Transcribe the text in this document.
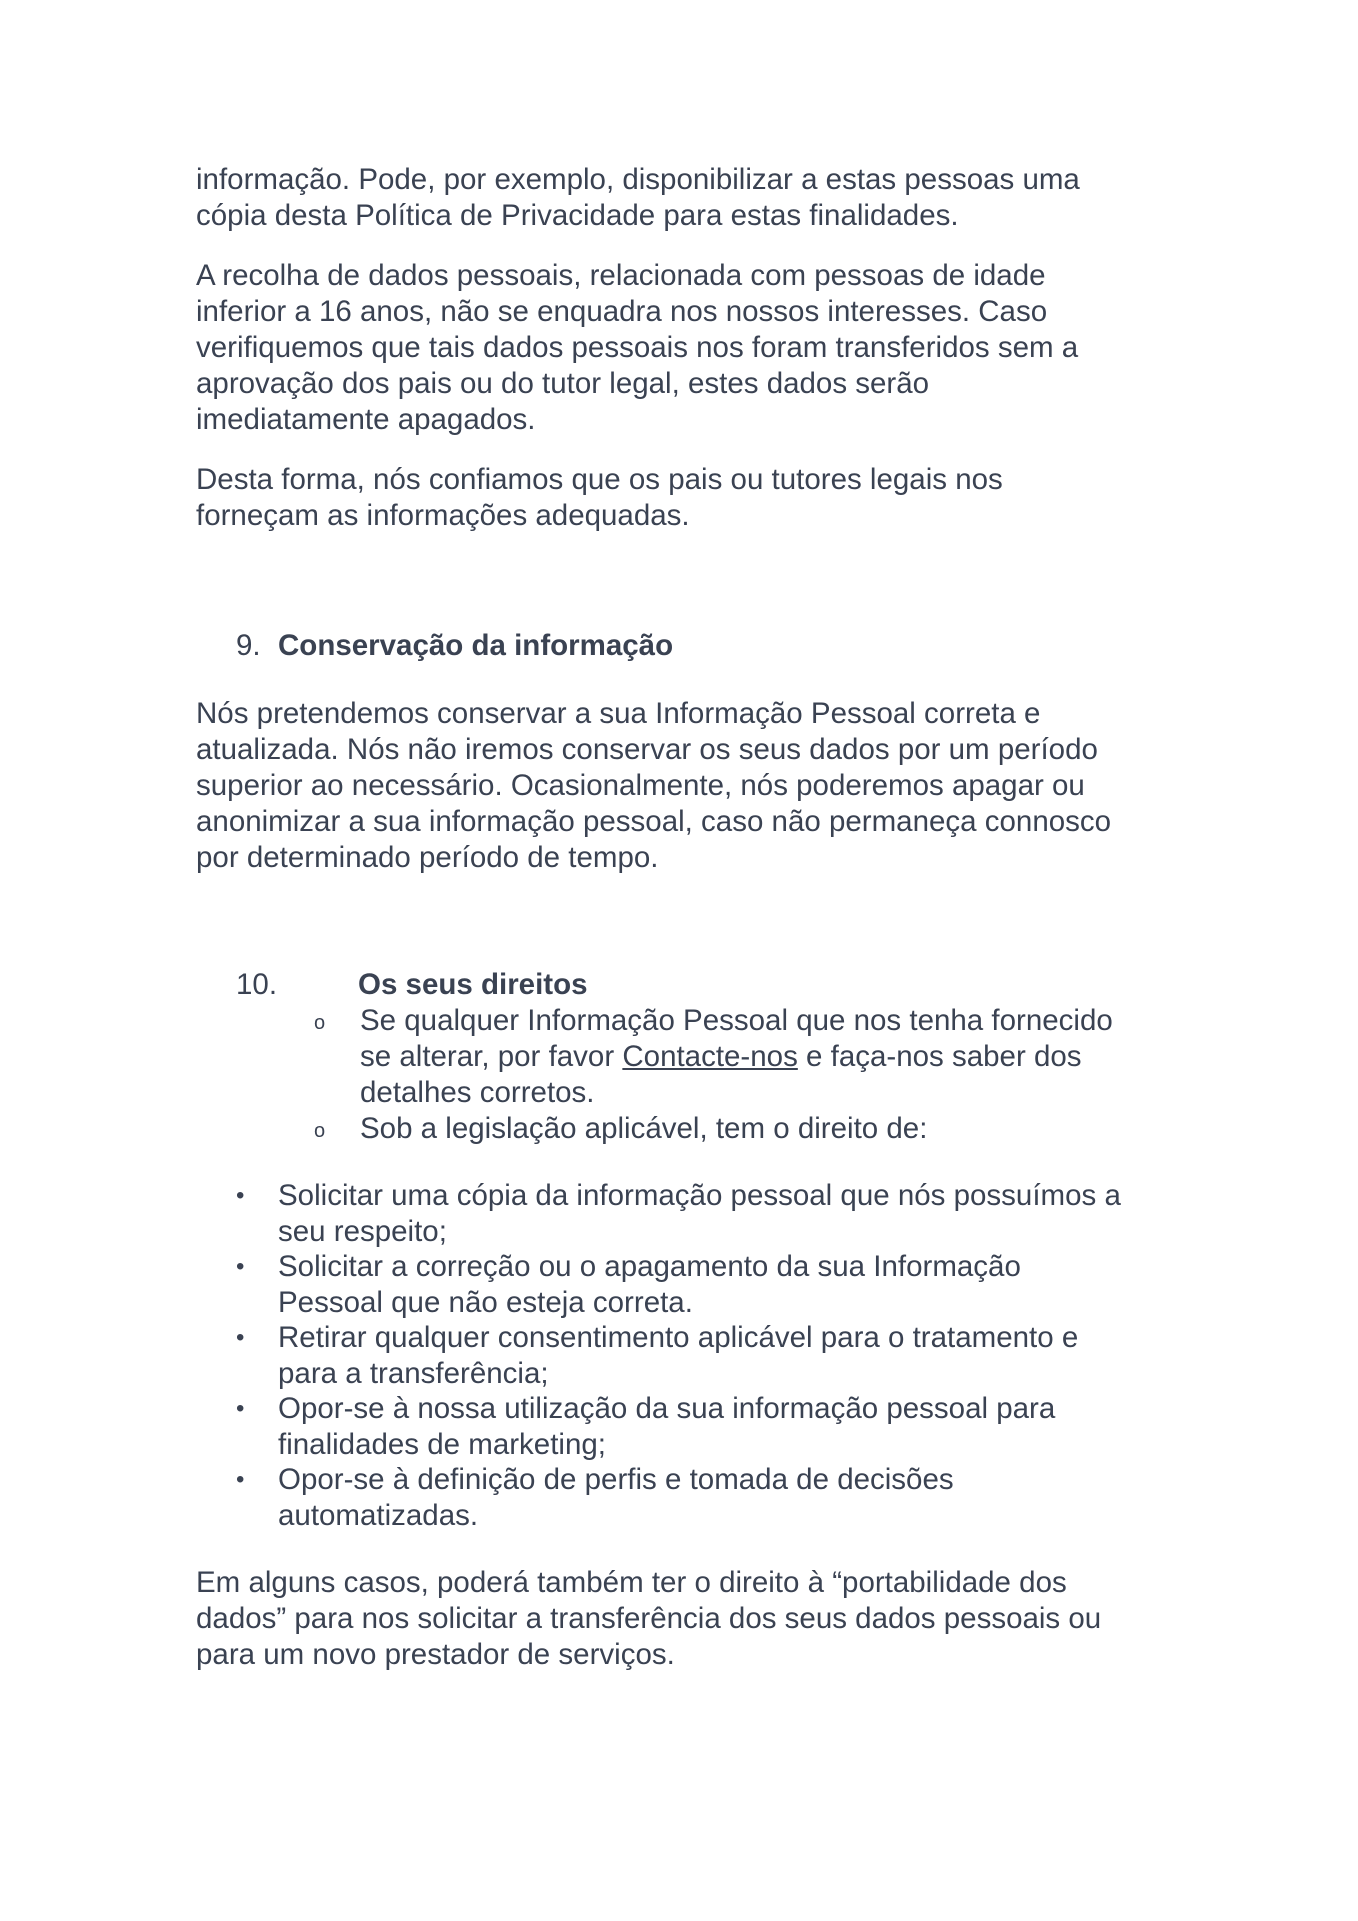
informação. Pode, por exemplo, disponibilizar a estas pessoas uma
cópia desta Política de Privacidade para estas finalidades.
A recolha de dados pessoais, relacionada com pessoas de idade
inferior a 16 anos, não se enquadra nos nossos interesses. Caso
verifiquemos que tais dados pessoais nos foram transferidos sem a
aprovação dos pais ou do tutor legal, estes dados serão
imediatamente apagados.
Desta forma, nós confiamos que os pais ou tutores legais nos
forneçam as informações adequadas.
9. Conservação da informação
Nós pretendemos conservar a sua Informação Pessoal correta e
atualizada. Nós não iremos conservar os seus dados por um período
superior ao necessário. Ocasionalmente, nós poderemos apagar ou
anonimizar a sua informação pessoal, caso não permaneça connosco
por determinado período de tempo.
10.	Os seus direitos
o Se qualquer Informação Pessoal que nos tenha fornecido
se alterar, por favor Contacte-nos e faça-nos saber dos
detalhes corretos.
o Sob a legislação aplicável, tem o direito de:
• Solicitar uma cópia da informação pessoal que nós possuímos a
seu respeito;
• Solicitar a correção ou o apagamento da sua Informação
Pessoal que não esteja correta.
• Retirar qualquer consentimento aplicável para o tratamento e
para a transferência;
• Opor-se à nossa utilização da sua informação pessoal para
finalidades de marketing;
• Opor-se à definição de perfis e tomada de decisões
automatizadas.
Em alguns casos, poderá também ter o direito à “portabilidade dos
dados” para nos solicitar a transferência dos seus dados pessoais ou
para um novo prestador de serviços.
